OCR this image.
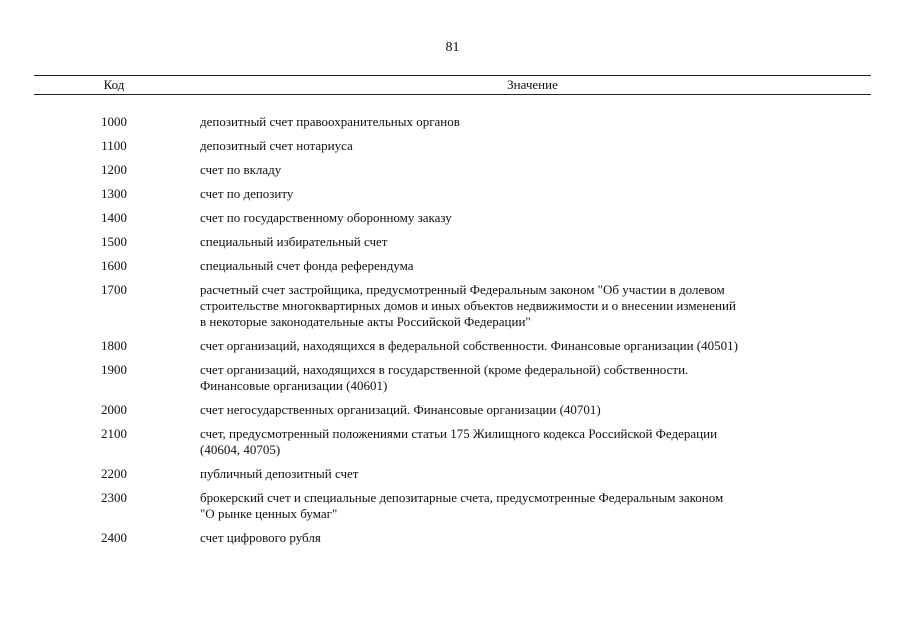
81
Код	Значение
1000	депозитный счет правоохранительных органов
1100	депозитный счет нотариуса
1200	счет по вкладу
1300	счет по депозиту
1400	счет по государственному оборонному заказу
1500	специальный избирательный счет
1600	специальный счет фонда референдума
1700	расчетный счет застройщика, предусмотренный Федеральным законом "Об участии в долевом
строительстве многоквартирных домов и иных объектов недвижимости и о внесении изменений
в некоторые законодательные акты Российской Федерации"
1800	счет организаций, находящихся в федеральной собственности. Финансовые организации (40501)
1900	счет организаций, находящихся в государственной (кроме федеральной) собственности.
Финансовые организации (40601)
2000	счет негосударственных организаций. Финансовые организации (40701)
2100	счет, предусмотренный положениями статьи 175 Жилищного кодекса Российской Федерации
(40604, 40705)
2200	публичный депозитный счет
2300	брокерский счет и специальные депозитарные счета, предусмотренные Федеральным законом
"О рынке ценных бумаг"
2400	счет цифрового рубля
